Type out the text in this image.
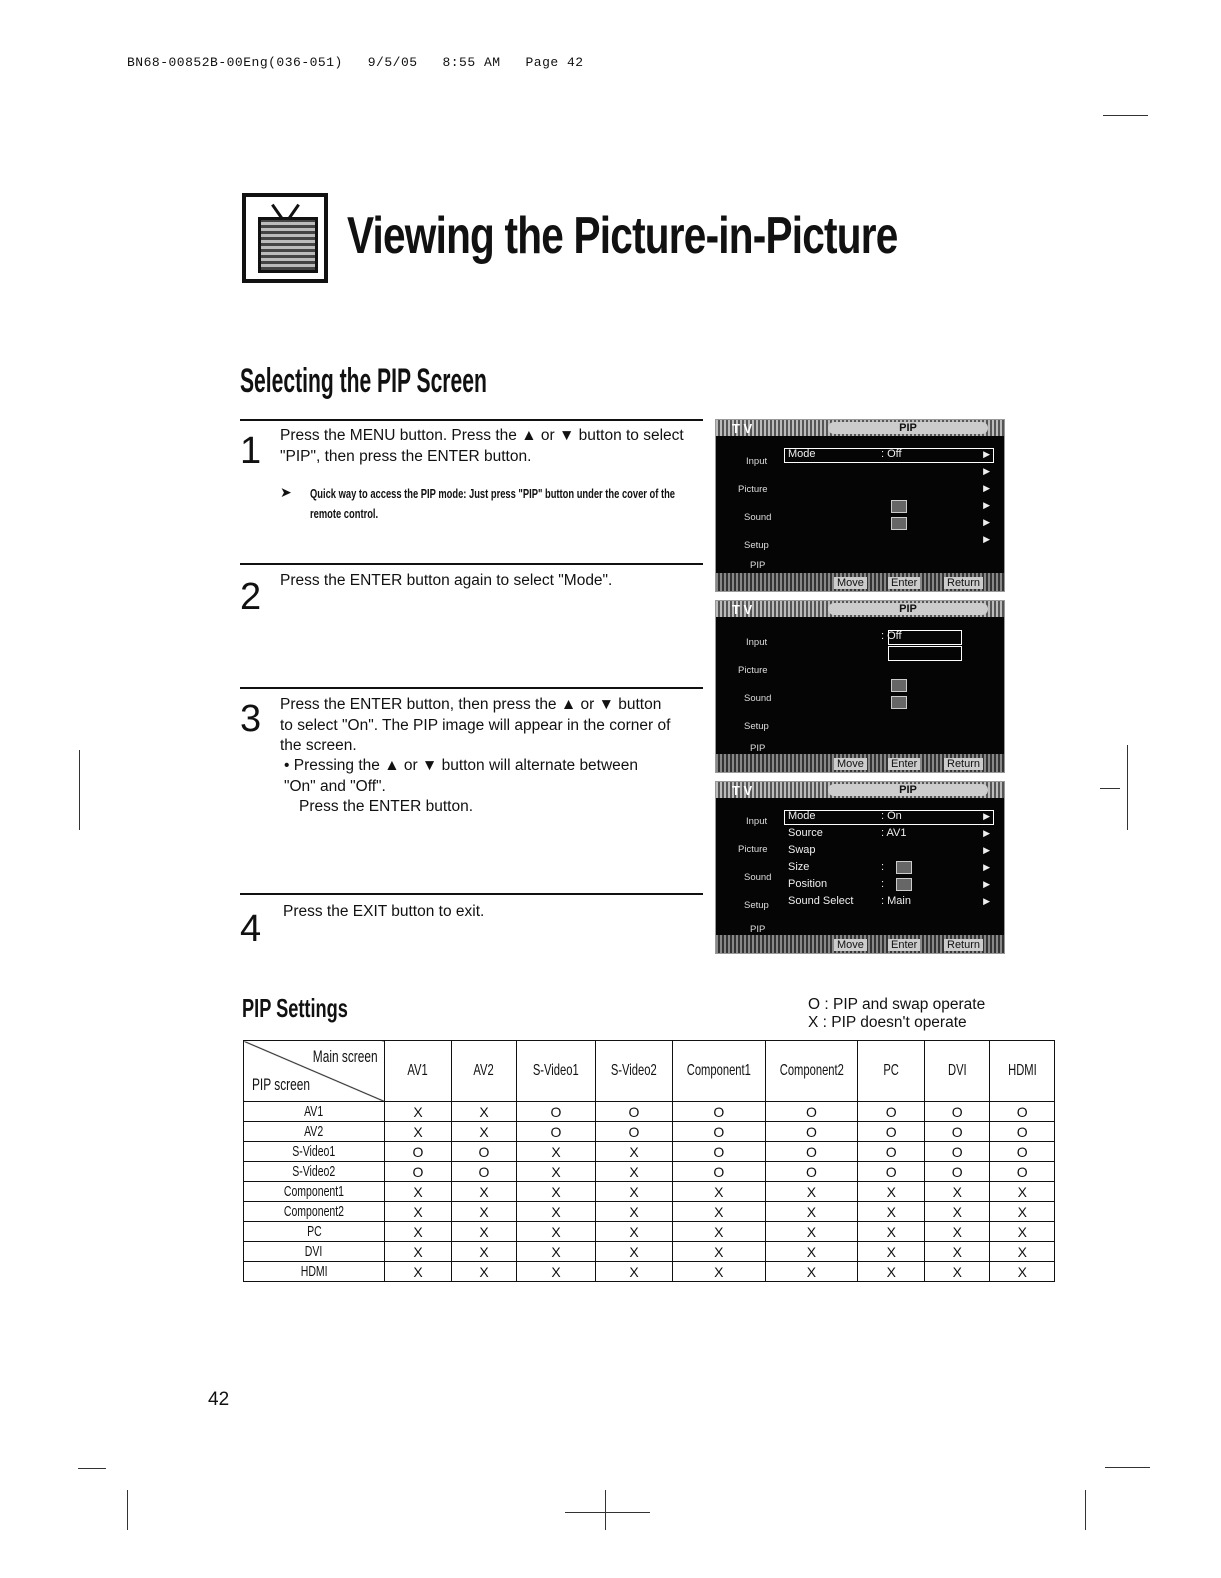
BN68-00852B-00Eng(036-051)   9/5/05   8:55 AM   Page 42
Viewing the Picture-in-Picture
Selecting the PIP Screen
1 Press the MENU button. Press the ▲ or ▼ button to select "PIP", then press the ENTER button.
➤ Quick way to access the PIP mode: Just press "PIP" button under the cover of the remote control.
2 Press the ENTER button again to select "Mode".
3 Press the ENTER button, then press the ▲ or ▼ button to select "On". The PIP image will appear in the corner of the screen.
• Pressing the ▲ or ▼ button will alternate between "On" and "Off".
Press the ENTER button.
4 Press the EXIT button to exit.
T V	PIP
Input
Picture
Sound
Setup
PIP
Mode	: Off	▶
▶
▶
▶
▶
▶
Move Enter	Return
T V	PIP
Input
Picture
Sound
Setup
PIP
: Off
Move Enter	Return
T V	PIP
Input
Picture
Sound
Setup
PIP
Mode	: On
Source	: AV1
Swap
Size	:
Position	:
Sound Select	: Main
▶
▶
▶
▶
▶
▶
Move Enter	Return
PIP Settings	O : PIP and swap operate
X : PIP doesn't operate
Main screen
PIP screen	AV1	AV2	S-Video1	S-Video2	Component1	Component2	PC	DVI	HDMI
AV1	X	X	O	O	O	O	O	O	O
AV2	X	X	O	O	O	O	O	O	O
S-Video1	O	O	X	X	O	O	O	O	O
S-Video2	O	O	X	X	O	O	O	O	O
Component1	X	X	X	X	X	X	X	X	X
Component2	X	X	X	X	X	X	X	X	X
PC	X	X	X	X	X	X	X	X	X
DVI	X	X	X	X	X	X	X	X	X
HDMI	X	X	X	X	X	X	X	X	X
42
